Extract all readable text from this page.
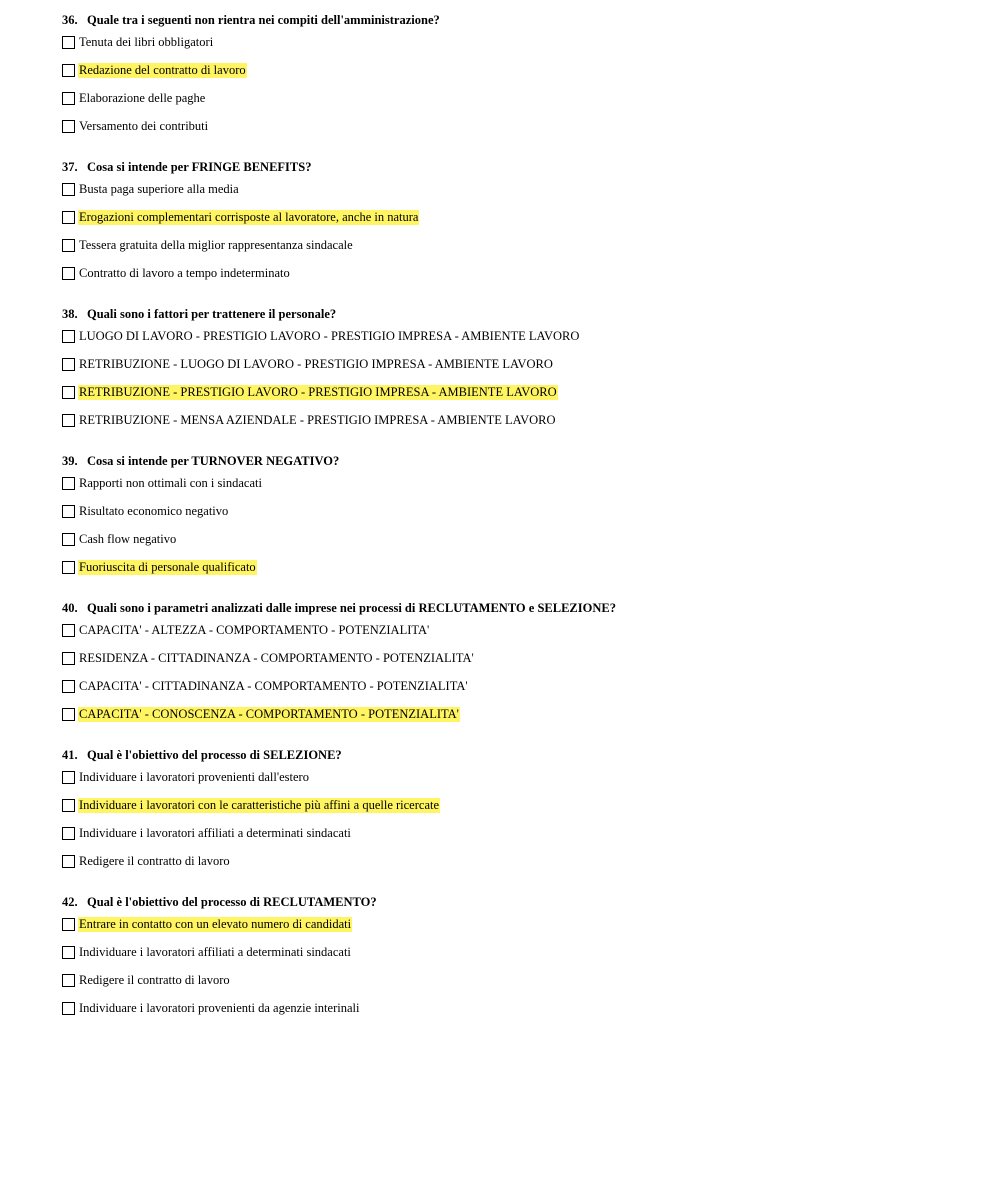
36. Quale tra i seguenti non rientra nei compiti dell'amministrazione?
Tenuta dei libri obbligatori
Redazione del contratto di lavoro
Elaborazione delle paghe
Versamento dei contributi
37. Cosa si intende per FRINGE BENEFITS?
Busta paga superiore alla media
Erogazioni complementari corrisposte al lavoratore, anche in natura
Tessera gratuita della miglior rappresentanza sindacale
Contratto di lavoro a tempo indeterminato
38. Quali sono i fattori per trattenere il personale?
LUOGO DI LAVORO - PRESTIGIO LAVORO - PRESTIGIO IMPRESA - AMBIENTE LAVORO
RETRIBUZIONE - LUOGO DI LAVORO - PRESTIGIO IMPRESA - AMBIENTE LAVORO
RETRIBUZIONE - PRESTIGIO LAVORO - PRESTIGIO IMPRESA - AMBIENTE LAVORO
RETRIBUZIONE - MENSA AZIENDALE - PRESTIGIO IMPRESA - AMBIENTE LAVORO
39. Cosa si intende per TURNOVER NEGATIVO?
Rapporti non ottimali con i sindacati
Risultato economico negativo
Cash flow negativo
Fuoriuscita di personale qualificato
40. Quali sono i parametri analizzati dalle imprese nei processi di RECLUTAMENTO e SELEZIONE?
CAPACITA' - ALTEZZA - COMPORTAMENTO - POTENZIALITA'
RESIDENZA - CITTADINANZA - COMPORTAMENTO - POTENZIALITA'
CAPACITA' - CITTADINANZA - COMPORTAMENTO - POTENZIALITA'
CAPACITA' - CONOSCENZA - COMPORTAMENTO - POTENZIALITA'
41. Qual è l'obiettivo del processo di SELEZIONE?
Individuare i lavoratori provenienti dall'estero
Individuare i lavoratori con le caratteristiche più affini a quelle ricercate
Individuare i lavoratori affiliati a determinati sindacati
Redigere il contratto di lavoro
42. Qual è l'obiettivo del processo di RECLUTAMENTO?
Entrare in contatto con un elevato numero di candidati
Individuare i lavoratori affiliati a determinati sindacati
Redigere il contratto di lavoro
Individuare i lavoratori provenienti da agenzie interinali
